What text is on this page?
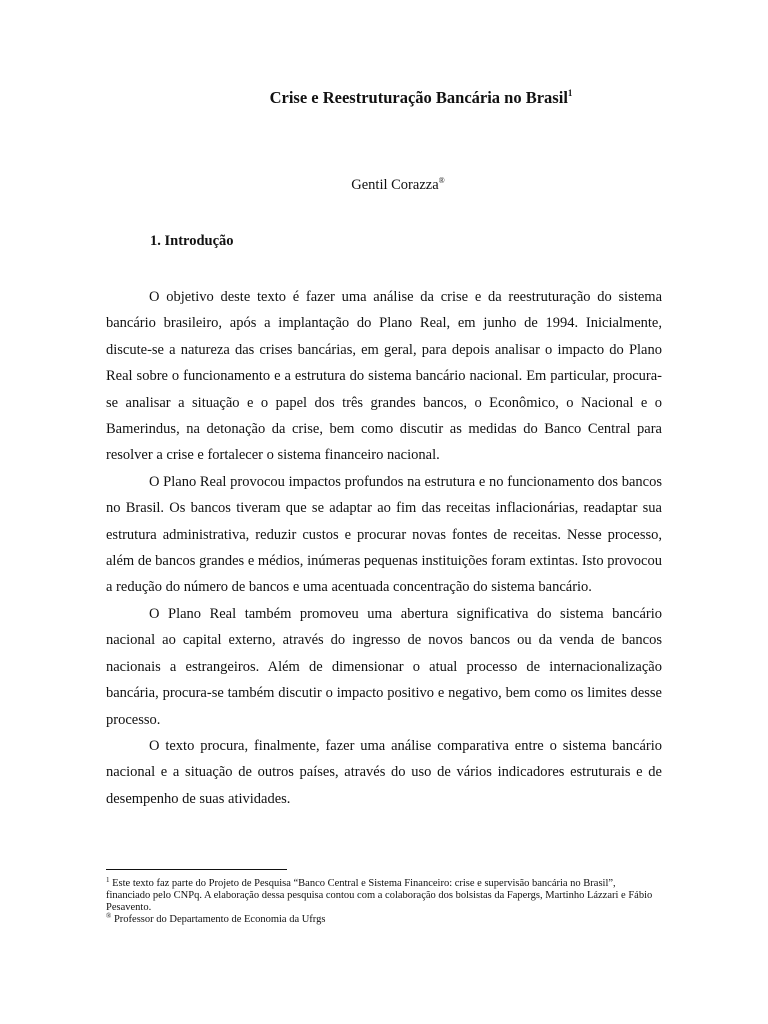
Crise e Reestruturação Bancária no Brasil$^1$
Gentil Corazza®
1. Introdução

O objetivo deste texto é fazer uma análise da crise e da reestruturação do sistema bancário brasileiro, após a implantação do Plano Real, em junho de 1994. Inicialmente, discute-se a natureza das crises bancárias, em geral, para depois analisar o impacto do Plano Real sobre o funcionamento e a estrutura do sistema bancário nacional. Em particular, procura-se analisar a situação e o papel dos três grandes bancos, o Econômico, o Nacional e o Bamerindus, na detonação da crise, bem como discutir as medidas do Banco Central para resolver a crise e fortalecer o sistema financeiro nacional.

O Plano Real provocou impactos profundos na estrutura e no funcionamento dos bancos no Brasil. Os bancos tiveram que se adaptar ao fim das receitas inflacionárias, readaptar sua estrutura administrativa, reduzir custos e procurar novas fontes de receitas. Nesse processo, além de bancos grandes e médios, inúmeras pequenas instituições foram extintas. Isto provocou a redução do número de bancos e uma acentuada concentração do sistema bancário.

O Plano Real também promoveu uma abertura significativa do sistema bancário nacional ao capital externo, através do ingresso de novos bancos ou da venda de bancos nacionais a estrangeiros. Além de dimensionar o atual processo de internacionalização bancária, procura-se também discutir o impacto positivo e negativo, bem como os limites desse processo.

O texto procura, finalmente, fazer uma análise comparativa entre o sistema bancário nacional e a situação de outros países, através do uso de vários indicadores estruturais e de desempenho de suas atividades.

$^1$ Este texto faz parte do Projeto de Pesquisa “Banco Central e Sistema Financeiro: crise e supervisão bancária no Brasil”, financiado pelo CNPq. A elaboração dessa pesquisa contou com a colaboração dos bolsistas da Fapergs, Martinho Lázzari e Fábio Pesavento.

® Professor do Departamento de Economia da Ufrgs
